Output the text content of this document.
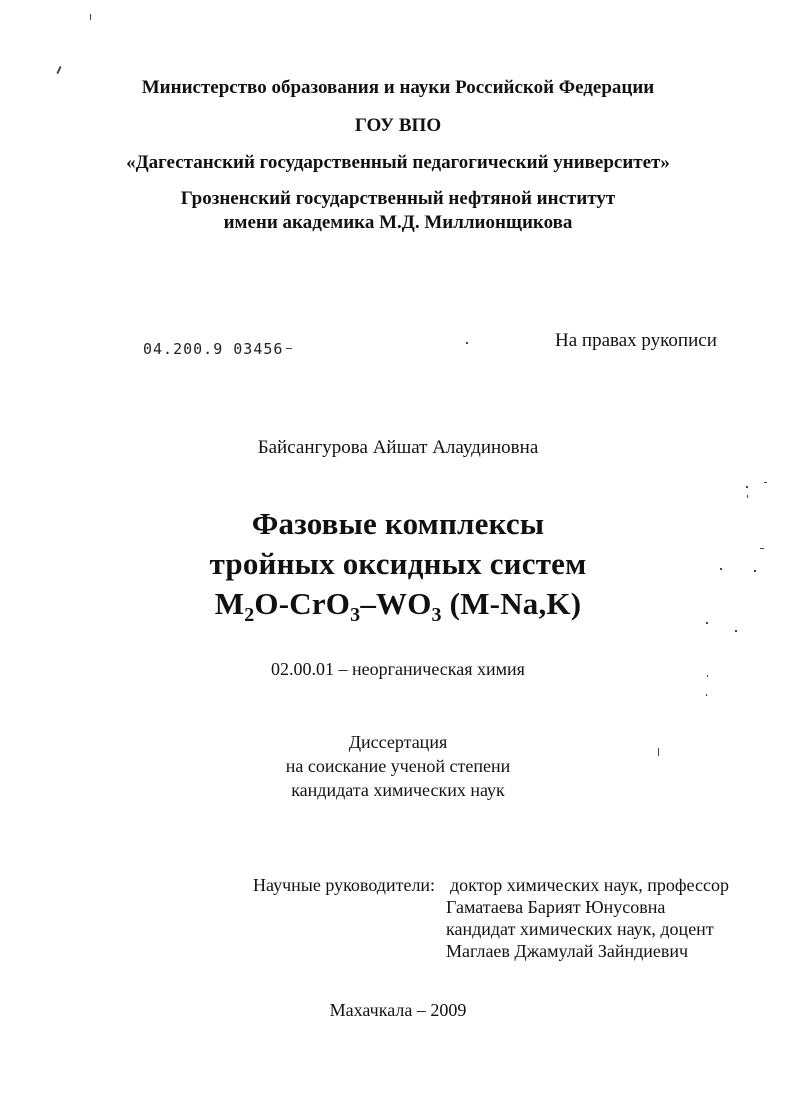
Министерство образования и науки Российской Федерации
ГОУ ВПО
«Дагестанский государственный педагогический университет»
Грозненский государственный нефтяной институт
имени академика М.Д. Миллионщикова
04.200.9 03456	На правах рукописи
Байсангурова Айшат Алаудиновна
Фазовые комплексы
тройных оксидных систем
$M_2O-CrO_3-WO_3$ (M-Na,K)
02.00.01 – неорганическая химия
Диссертация
на соискание ученой степени
кандидата химических наук
Научные руководители: доктор химических наук, профессор
Гаматаева Барият Юнусовна
кандидат химических наук, доцент
Маглаев Джамулай Зайндиевич
Махачкала – 2009
